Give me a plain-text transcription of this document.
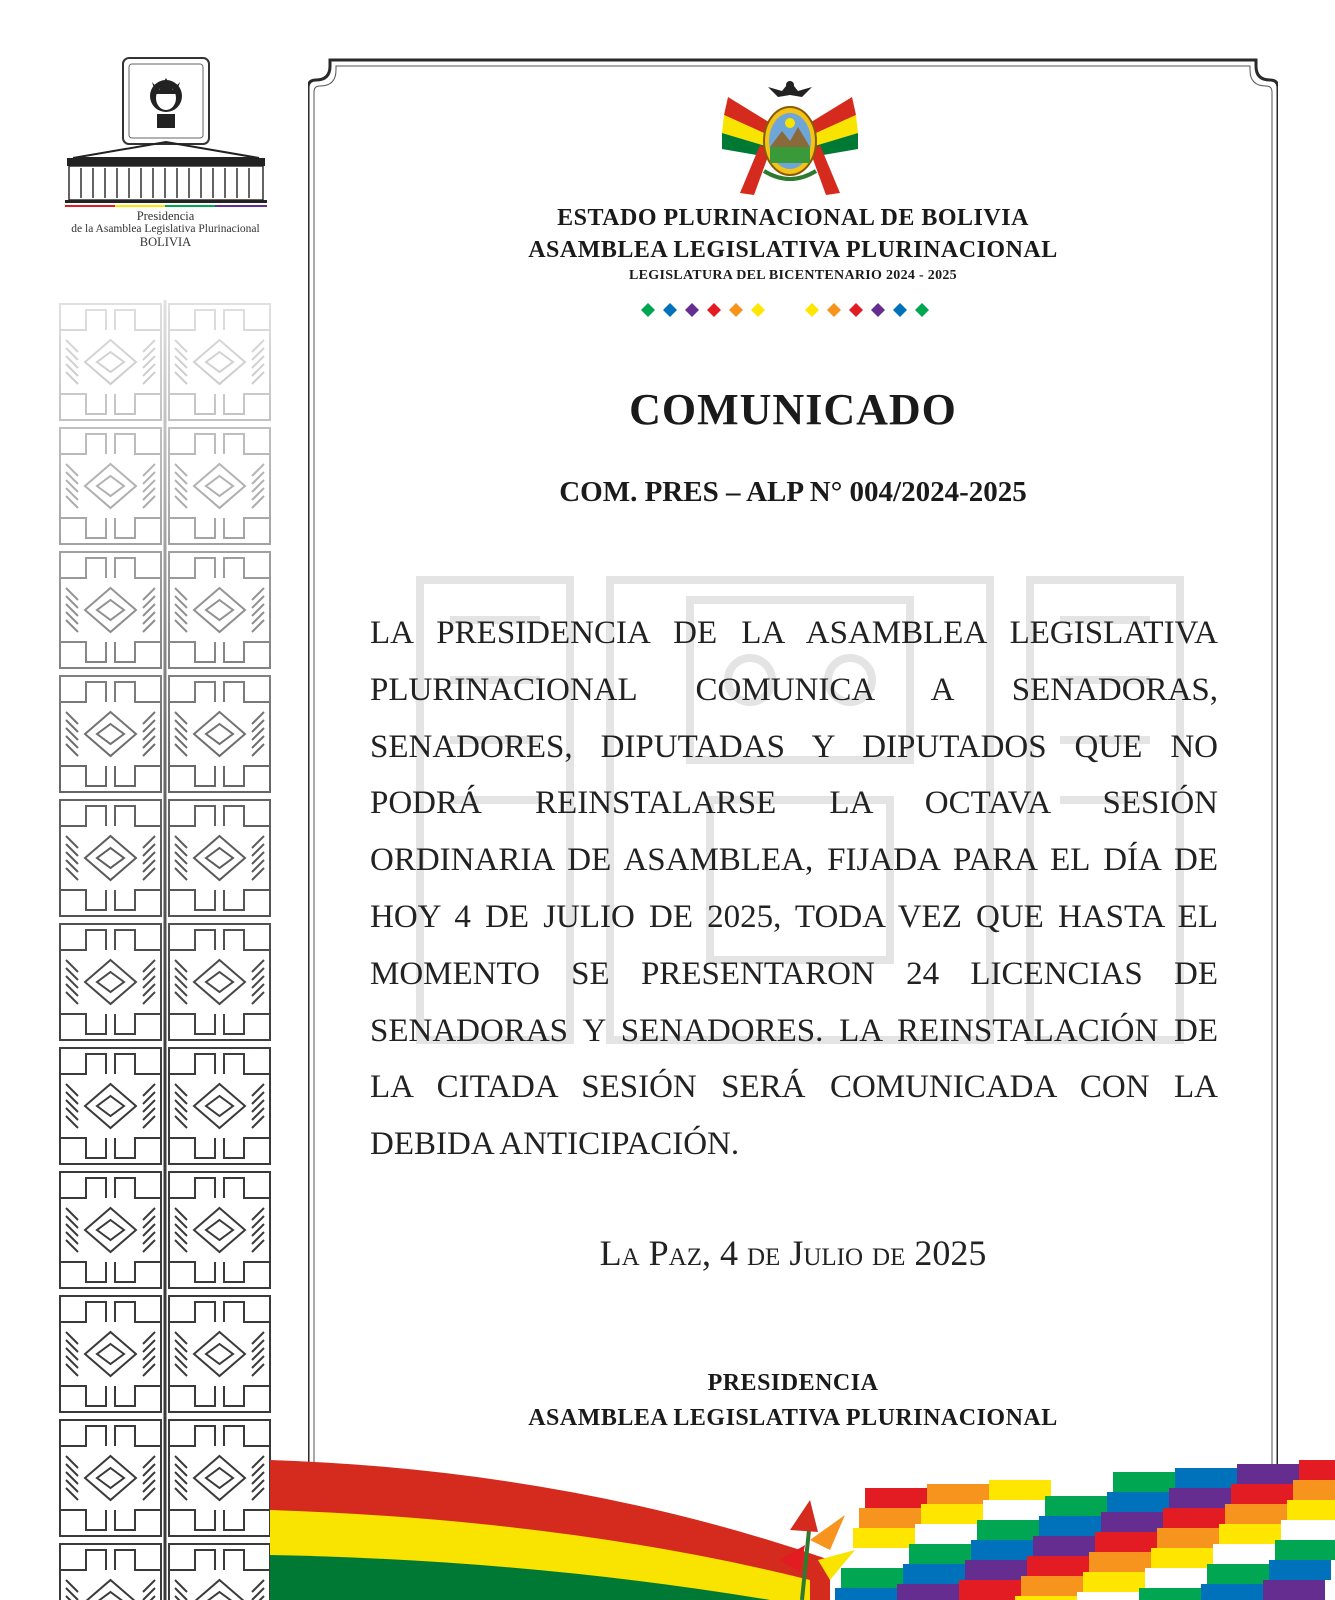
Presidencia
de la Asamblea Legislativa Plurinacional
BOLIVIA
ESTADO PLURINACIONAL DE BOLIVIA
ASAMBLEA LEGISLATIVA PLURINACIONAL
LEGISLATURA DEL BICENTENARIO 2024 - 2025
COMUNICADO
COM. PRES – ALP N° 004/2024-2025
LA PRESIDENCIA DE LA ASAMBLEA LEGISLATIVA PLURINACIONAL COMUNICA A SENADORAS, SENADORES, DIPUTADAS Y DIPUTADOS QUE NO PODRÁ REINSTALARSE LA OCTAVA SESIÓN ORDINARIA DE ASAMBLEA, FIJADA PARA EL DÍA DE HOY 4 DE JULIO DE 2025, TODA VEZ QUE HASTA EL MOMENTO SE PRESENTARON 24 LICENCIAS DE SENADORAS Y SENADORES. LA REINSTALACIÓN DE LA CITADA SESIÓN SERÁ COMUNICADA CON LA DEBIDA ANTICIPACIÓN.
La Paz, 4 de Julio de 2025
PRESIDENCIA
ASAMBLEA LEGISLATIVA PLURINACIONAL
